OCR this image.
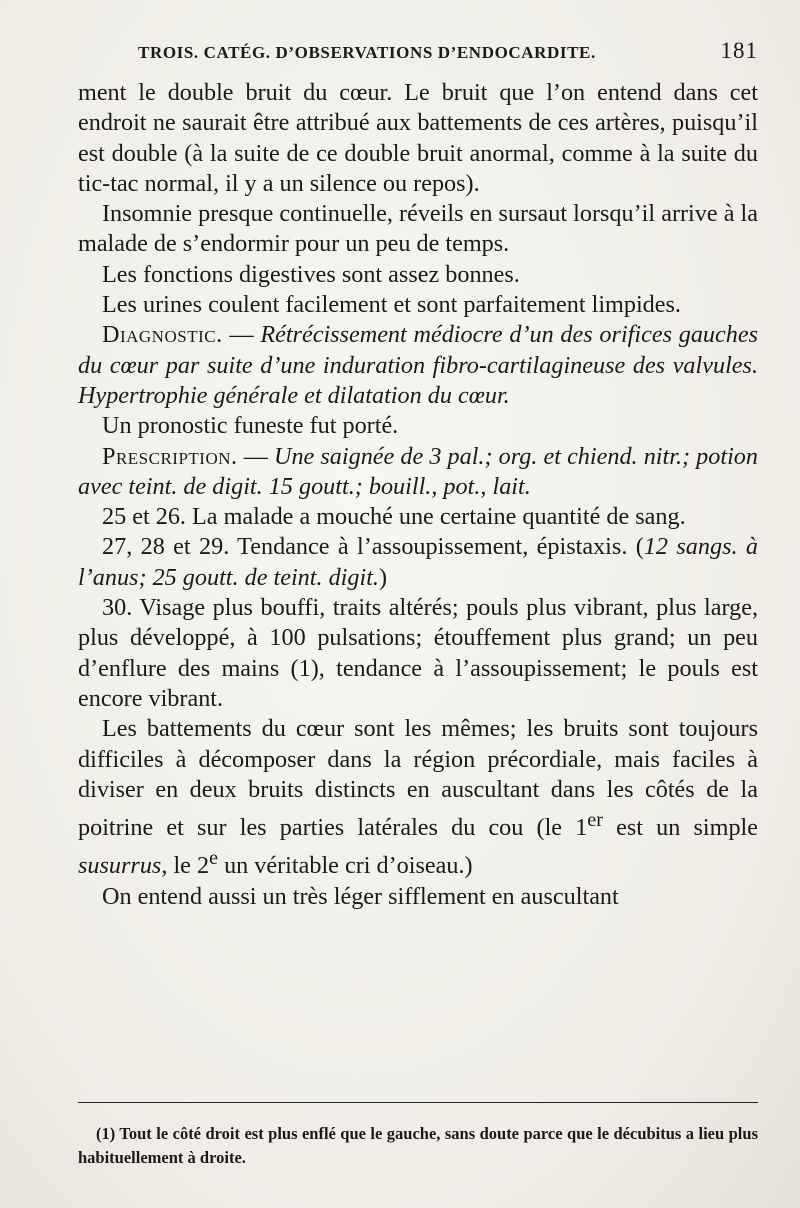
TROIS. CATÉG. D’OBSERVATIONS D’ENDOCARDITE.	181

ment le double bruit du cœur. Le bruit que l’on entend dans cet endroit ne saurait être attribué aux battements de ces artères, puisqu’il est double (à la suite de ce double bruit anormal, comme à la suite du tic-tac normal, il y a un silence ou repos).

Insomnie presque continuelle, réveils en sursaut lorsqu’il arrive à la malade de s’endormir pour un peu de temps.

Les fonctions digestives sont assez bonnes.

Les urines coulent facilement et sont parfaitement limpides.

Diagnostic. — Rétrécissement médiocre d’un des orifices gauches du cœur par suite d’une induration fibro-cartilagineuse des valvules. Hypertrophie générale et dilatation du cœur.

Un pronostic funeste fut porté.

Prescription. — Une saignée de 3 pal.; org. et chiend. nitr.; potion avec teint. de digit. 15 goutt.; bouill., pot., lait.

25 et 26. La malade a mouché une certaine quantité de sang.

27, 28 et 29. Tendance à l’assoupissement, épistaxis. (12 sangs. à l’anus; 25 goutt. de teint. digit.)

30. Visage plus bouffi, traits altérés; pouls plus vibrant, plus large, plus développé, à 100 pulsations; étouffement plus grand; un peu d’enflure des mains (1), tendance à l’assoupissement; le pouls est encore vibrant.

Les battements du cœur sont les mêmes; les bruits sont toujours difficiles à décomposer dans la région précordiale, mais faciles à diviser en deux bruits distincts en auscultant dans les côtés de la poitrine et sur les parties latérales du cou (le 1er est un simple susurrus, le 2e un véritable cri d’oiseau.)

On entend aussi un très léger sifflement en auscultant

(1) Tout le côté droit est plus enflé que le gauche, sans doute parce que le décubitus a lieu plus habituellement à droite.
